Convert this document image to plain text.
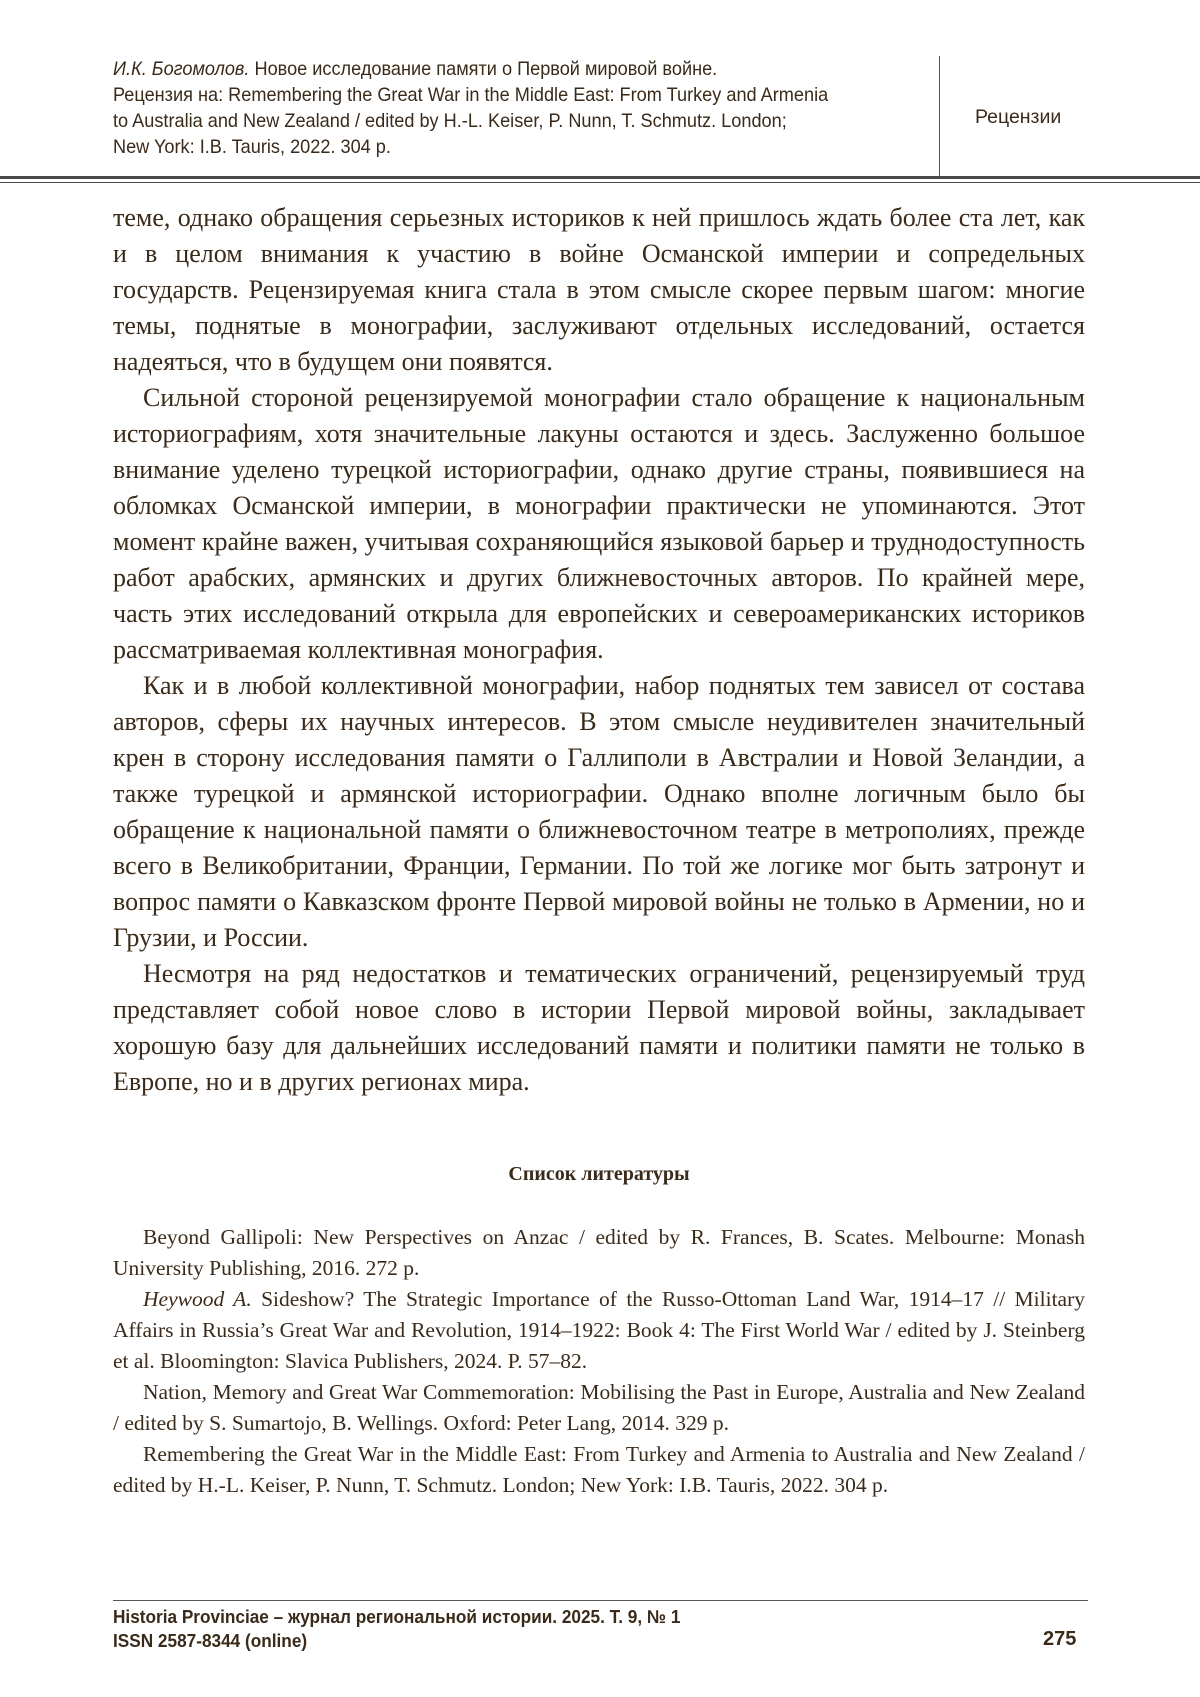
И.К. Богомолов. Новое исследование памяти о Первой мировой войне.
Рецензия на: Remembering the Great War in the Middle East: From Turkey and Armenia
to Australia and New Zealand / edited by H.-L. Keiser, P. Nunn, T. Schmutz. London;
New York: I.B. Tauris, 2022. 304 p.
Рецензии

теме, однако обращения серьезных историков к ней пришлось ждать более ста лет, как и в целом внимания к участию в войне Османской империи и сопредельных государств. Рецензируемая книга стала в этом смысле скорее первым шагом: многие темы, поднятые в монографии, заслуживают отдельных исследований, остается надеяться, что в будущем они появятся.

Сильной стороной рецензируемой монографии стало обращение к национальным историографиям, хотя значительные лакуны остаются и здесь. Заслуженно большое внимание уделено турецкой историографии, однако другие страны, появившиеся на обломках Османской империи, в монографии практически не упоминаются. Этот момент крайне важен, учитывая сохраняющийся языковой барьер и труднодоступность работ арабских, армянских и других ближневосточных авторов. По крайней мере, часть этих исследований открыла для европейских и североамериканских историков рассматриваемая коллективная монография.

Как и в любой коллективной монографии, набор поднятых тем зависел от состава авторов, сферы их научных интересов. В этом смысле неудивителен значительный крен в сторону исследования памяти о Галлиполи в Австралии и Новой Зеландии, а также турецкой и армянской историографии. Однако вполне логичным было бы обращение к национальной памяти о ближневосточном театре в метрополиях, прежде всего в Великобритании, Франции, Германии. По той же логике мог быть затронут и вопрос памяти о Кавказском фронте Первой мировой войны не только в Армении, но и Грузии, и России.

Несмотря на ряд недостатков и тематических ограничений, рецензируемый труд представляет собой новое слово в истории Первой мировой войны, закладывает хорошую базу для дальнейших исследований памяти и политики памяти не только в Европе, но и в других регионах мира.

Список литературы

Beyond Gallipoli: New Perspectives on Anzac / edited by R. Frances, B. Scates. Melbourne: Monash University Publishing, 2016. 272 p.

Heywood A. Sideshow? The Strategic Importance of the Russo-Ottoman Land War, 1914–17 // Military Affairs in Russia’s Great War and Revolution, 1914–1922: Book 4: The First World War / edited by J. Steinberg et al. Bloomington: Slavica Publishers, 2024. P. 57–82.

Nation, Memory and Great War Commemoration: Mobilising the Past in Europe, Australia and New Zealand / edited by S. Sumartojo, B. Wellings. Oxford: Peter Lang, 2014. 329 p.

Remembering the Great War in the Middle East: From Turkey and Armenia to Australia and New Zealand / edited by H.-L. Keiser, P. Nunn, T. Schmutz. London; New York: I.B. Tauris, 2022. 304 p.

Historia Provinciae – журнал региональной истории. 2025. Т. 9, № 1
ISSN 2587-8344 (online)	275
